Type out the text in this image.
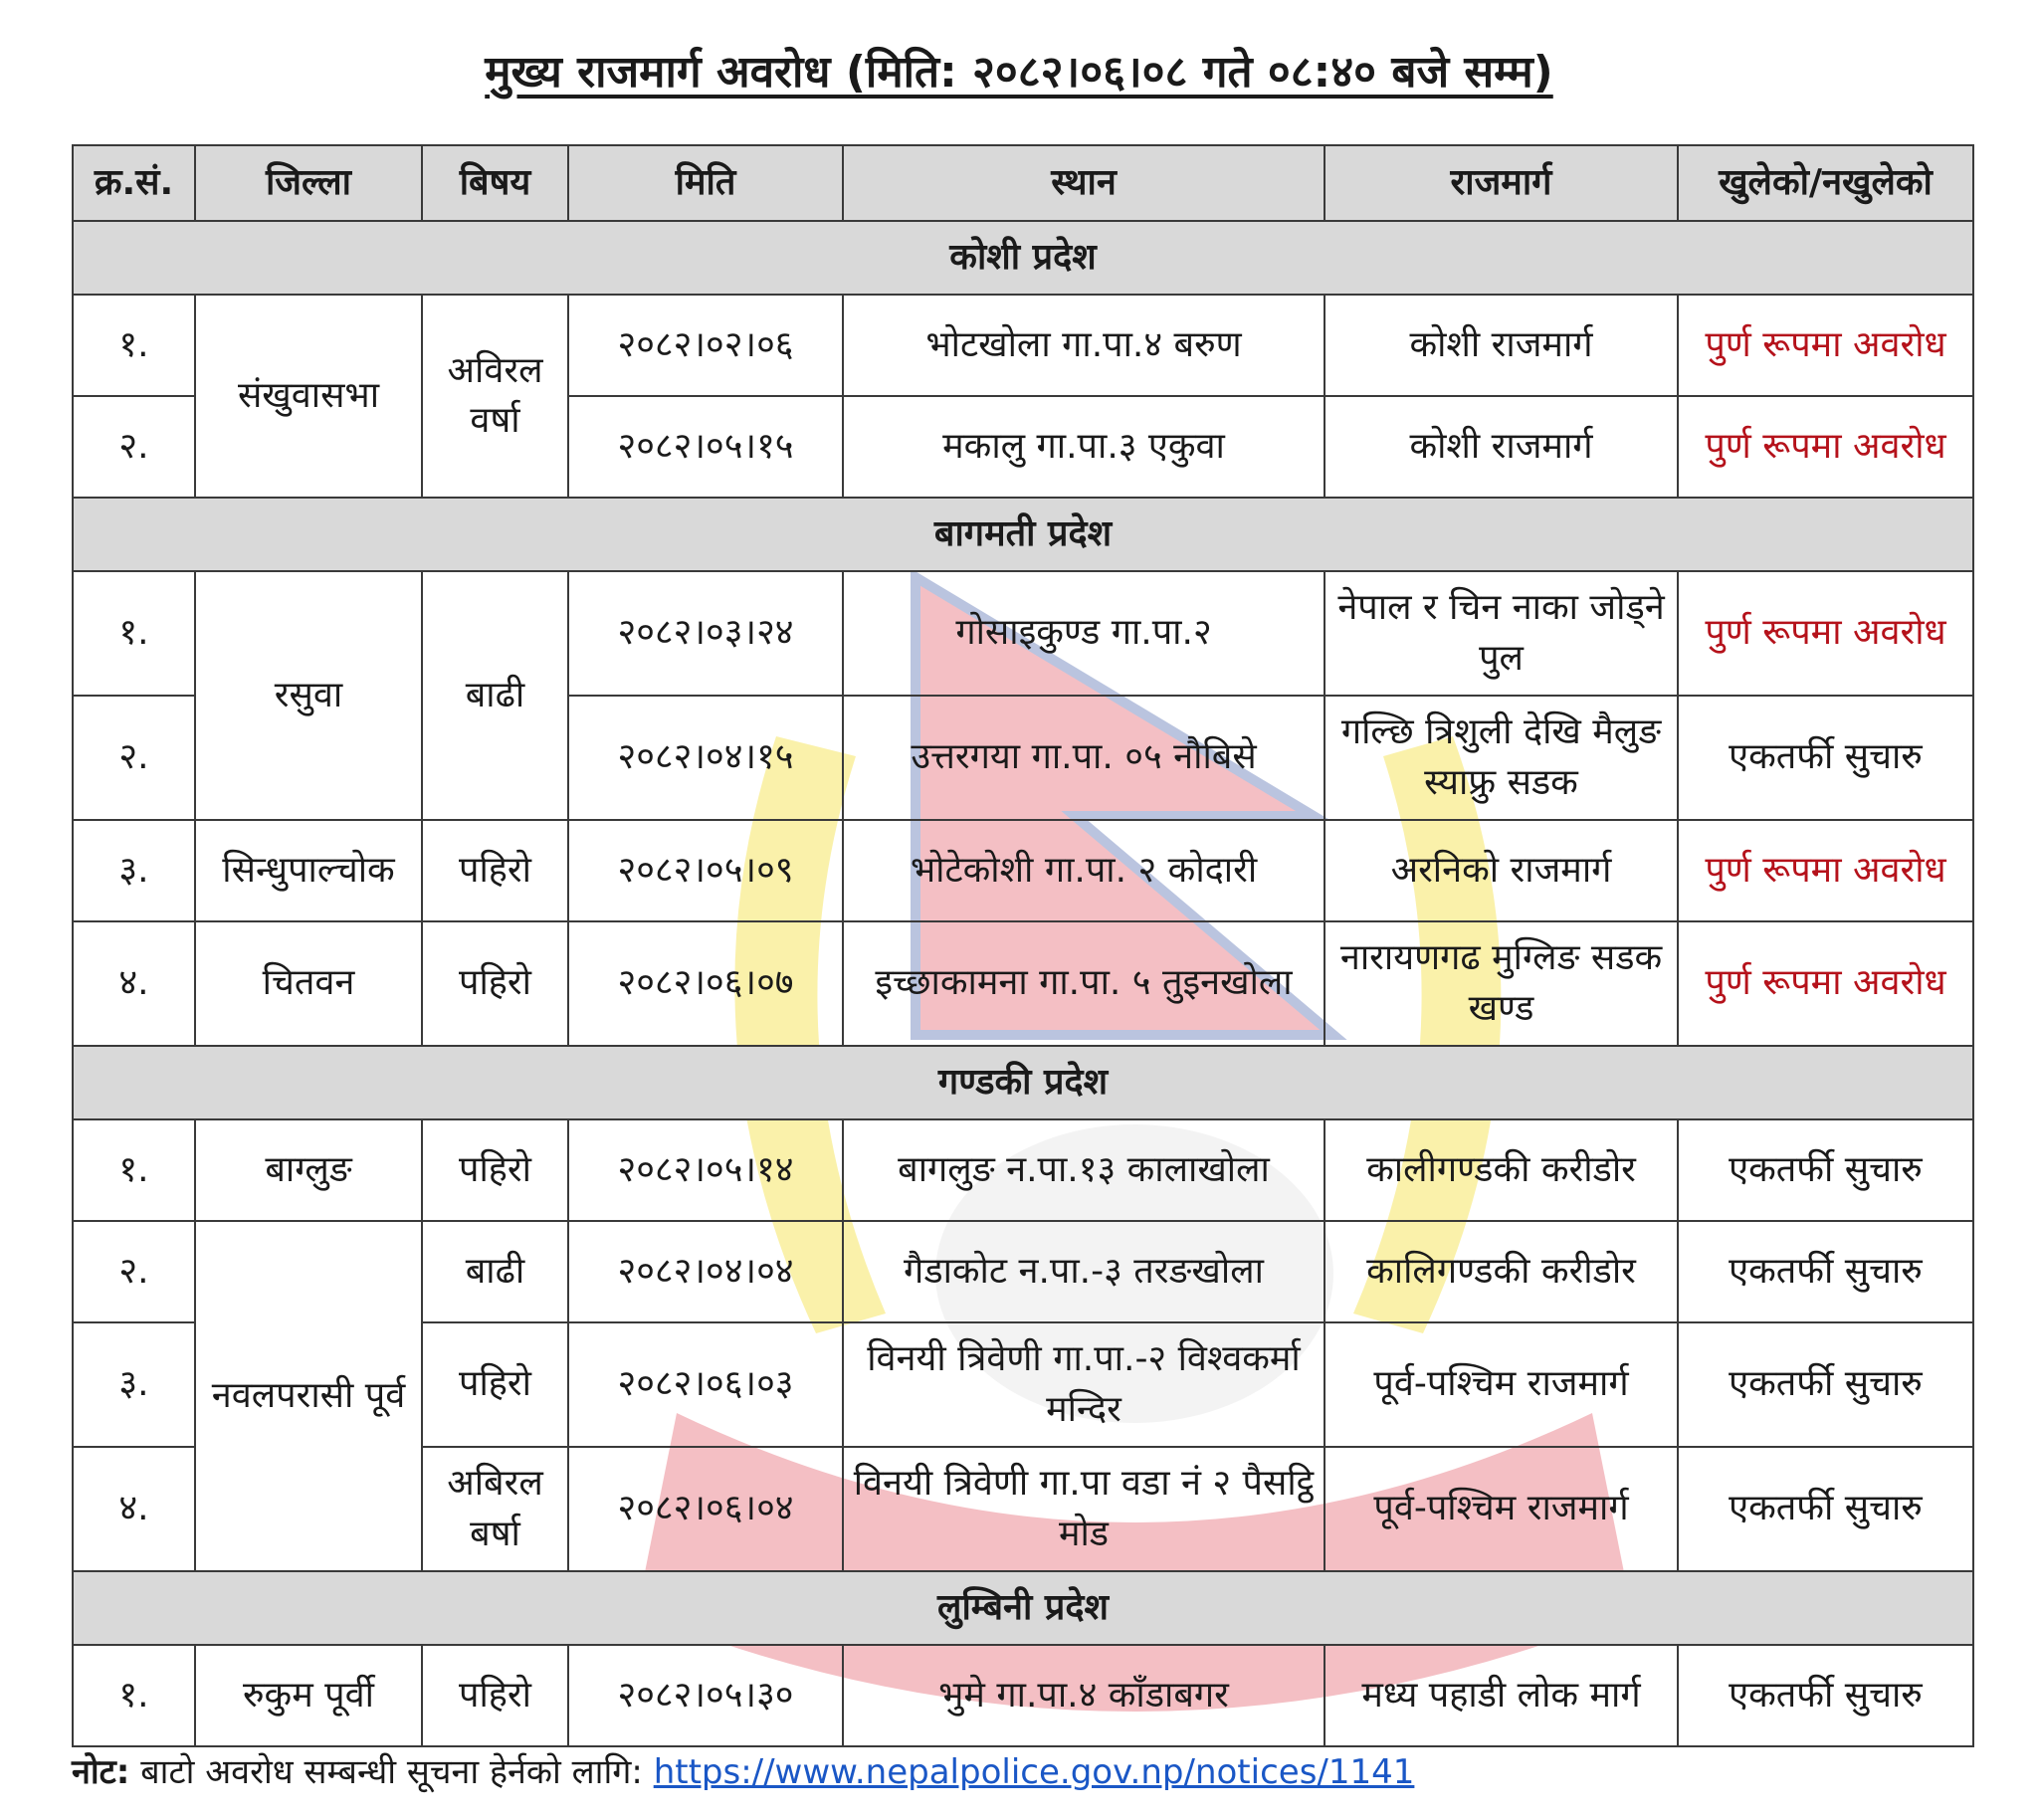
मुख्य राजमार्ग अवरोध (मिति: २०८२।०६।०८ गते ०८:४० बजे सम्म)
क्र.सं.	जिल्ला	बिषय	मिति	स्थान	राजमार्ग	खुलेको/नखुलेको
कोशी प्रदेश						
१.	संखुवासभा	अविरल वर्षा	२०८२।०२।०६	भोटखोला गा.पा.४ बरुण	कोशी राजमार्ग	पुर्ण रूपमा अवरोध
२.			२०८२।०५।१५	मकालु गा.पा.३ एकुवा	कोशी राजमार्ग	पुर्ण रूपमा अवरोध
बागमती प्रदेश						
१.	रसुवा	बाढी	२०८२।०३।२४	गोसाइकुण्ड गा.पा.२	नेपाल र चिन नाका जोड्ने पुल	पुर्ण रूपमा अवरोध
२.			२०८२।०४।१५	उत्तरगया गा.पा. ०५ नौबिसे	गल्छि त्रिशुली देखि मैलुङ स्याफ्रु सडक	एकतर्फी सुचारु
३.	सिन्धुपाल्चोक	पहिरो	२०८२।०५।०९	भोटेकोशी गा.पा. २ कोदारी	अरनिको राजमार्ग	पुर्ण रूपमा अवरोध
४.	चितवन	पहिरो	२०८२।०६।०७	इच्छाकामना गा.पा. ५ तुइनखोला	नारायणगढ मुग्लिङ सडक खण्ड	पुर्ण रूपमा अवरोध
गण्डकी प्रदेश						
१.	बाग्लुङ	पहिरो	२०८२।०५।१४	बागलुङ न.पा.१३ कालाखोला	कालीगण्डकी करीडोर	एकतर्फी सुचारु
२.	नवलपरासी पूर्व	बाढी	२०८२।०४।०४	गैडाकोट न.पा.-३ तरङखोला	कालिगण्डकी करीडोर	एकतर्फी सुचारु
३.		पहिरो	२०८२।०६।०३	विनयी त्रिवेणी गा.पा.-२ विश्वकर्मा मन्दिर	पूर्व-पश्चिम राजमार्ग	एकतर्फी सुचारु
४.		अबिरल बर्षा	२०८२।०६।०४	विनयी त्रिवेणी गा.पा वडा नं २ पैसट्ठि मोड	पूर्व-पश्चिम राजमार्ग	एकतर्फी सुचारु
लुम्बिनी प्रदेश						
१.	रुकुम पूर्वी	पहिरो	२०८२।०५।३०	भुमे गा.पा.४ काँडाबगर	मध्य पहाडी लोक मार्ग	एकतर्फी सुचारु
नोट: बाटो अवरोध सम्बन्धी सूचना हेर्नको लागि: https://www.nepalpolice.gov.np/notices/1141
